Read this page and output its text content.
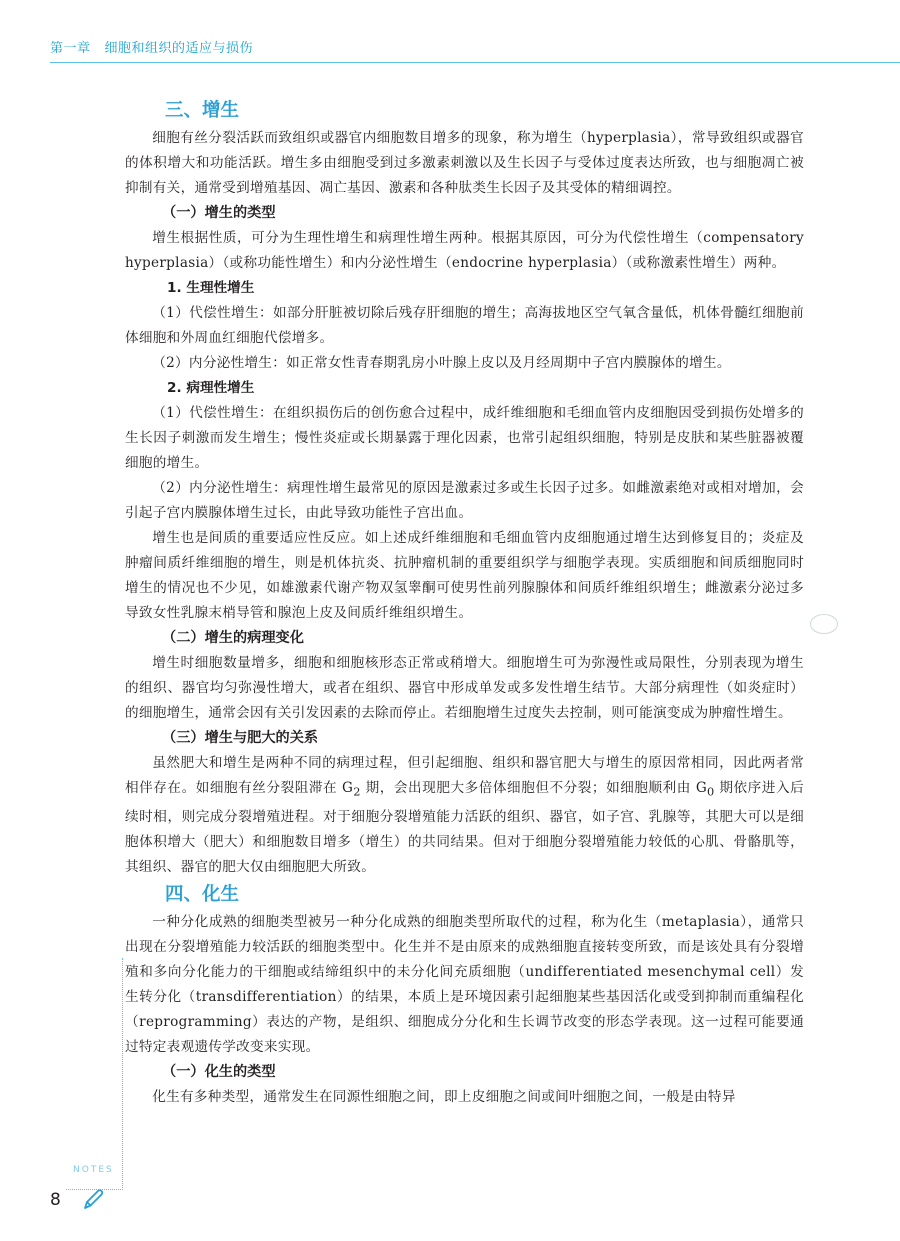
第一章 细胞和组织的适应与损伤
三、增生

细胞有丝分裂活跃而致组织或器官内细胞数目增多的现象，称为增生（hyperplasia），常导致组织或器官的体积增大和功能活跃。增生多由细胞受到过多激素刺激以及生长因子与受体过度表达所致，也与细胞凋亡被抑制有关，通常受到增殖基因、凋亡基因、激素和各种肽类生长因子及其受体的精细调控。

（一）增生的类型

增生根据性质，可分为生理性增生和病理性增生两种。根据其原因，可分为代偿性增生（compensatory hyperplasia）（或称功能性增生）和内分泌性增生（endocrine hyperplasia）（或称激素性增生）两种。

1. 生理性增生

（1）代偿性增生：如部分肝脏被切除后残存肝细胞的增生；高海拔地区空气氧含量低，机体骨髓红细胞前体细胞和外周血红细胞代偿增多。

（2）内分泌性增生：如正常女性青春期乳房小叶腺上皮以及月经周期中子宫内膜腺体的增生。

2. 病理性增生

（1）代偿性增生：在组织损伤后的创伤愈合过程中，成纤维细胞和毛细血管内皮细胞因受到损伤处增多的生长因子刺激而发生增生；慢性炎症或长期暴露于理化因素，也常引起组织细胞，特别是皮肤和某些脏器被覆细胞的增生。

（2）内分泌性增生：病理性增生最常见的原因是激素过多或生长因子过多。如雌激素绝对或相对增加，会引起子宫内膜腺体增生过长，由此导致功能性子宫出血。

增生也是间质的重要适应性反应。如上述成纤维细胞和毛细血管内皮细胞通过增生达到修复目的；炎症及肿瘤间质纤维细胞的增生，则是机体抗炎、抗肿瘤机制的重要组织学与细胞学表现。实质细胞和间质细胞同时增生的情况也不少见，如雄激素代谢产物双氢睾酮可使男性前列腺腺体和间质纤维组织增生；雌激素分泌过多导致女性乳腺末梢导管和腺泡上皮及间质纤维组织增生。

（二）增生的病理变化

增生时细胞数量增多，细胞和细胞核形态正常或稍增大。细胞增生可为弥漫性或局限性，分别表现为增生的组织、器官均匀弥漫性增大，或者在组织、器官中形成单发或多发性增生结节。大部分病理性（如炎症时）的细胞增生，通常会因有关引发因素的去除而停止。若细胞增生过度失去控制，则可能演变成为肿瘤性增生。

（三）增生与肥大的关系

虽然肥大和增生是两种不同的病理过程，但引起细胞、组织和器官肥大与增生的原因常相同，因此两者常相伴存在。如细胞有丝分裂阻滞在 $G_2$ 期，会出现肥大多倍体细胞但不分裂；如细胞顺利由 $G_0$ 期依序进入后续时相，则完成分裂增殖进程。对于细胞分裂增殖能力活跃的组织、器官，如子宫、乳腺等，其肥大可以是细胞体积增大（肥大）和细胞数目增多（增生）的共同结果。但对于细胞分裂增殖能力较低的心肌、骨骼肌等，其组织、器官的肥大仅由细胞肥大所致。

四、化生

一种分化成熟的细胞类型被另一种分化成熟的细胞类型所取代的过程，称为化生（metaplasia），通常只出现在分裂增殖能力较活跃的细胞类型中。化生并不是由原来的成熟细胞直接转变所致，而是该处具有分裂增殖和多向分化能力的干细胞或结缔组织中的未分化间充质细胞（undifferentiated mesenchymal cell）发生转分化（transdifferentiation）的结果，本质上是环境因素引起细胞某些基因活化或受到抑制而重编程化（reprogramming）表达的产物，是组织、细胞成分分化和生长调节改变的形态学表现。这一过程可能要通过特定表观遗传学改变来实现。

（一）化生的类型

化生有多种类型，通常发生在同源性细胞之间，即上皮细胞之间或间叶细胞之间，一般是由特异

NOTES
8
